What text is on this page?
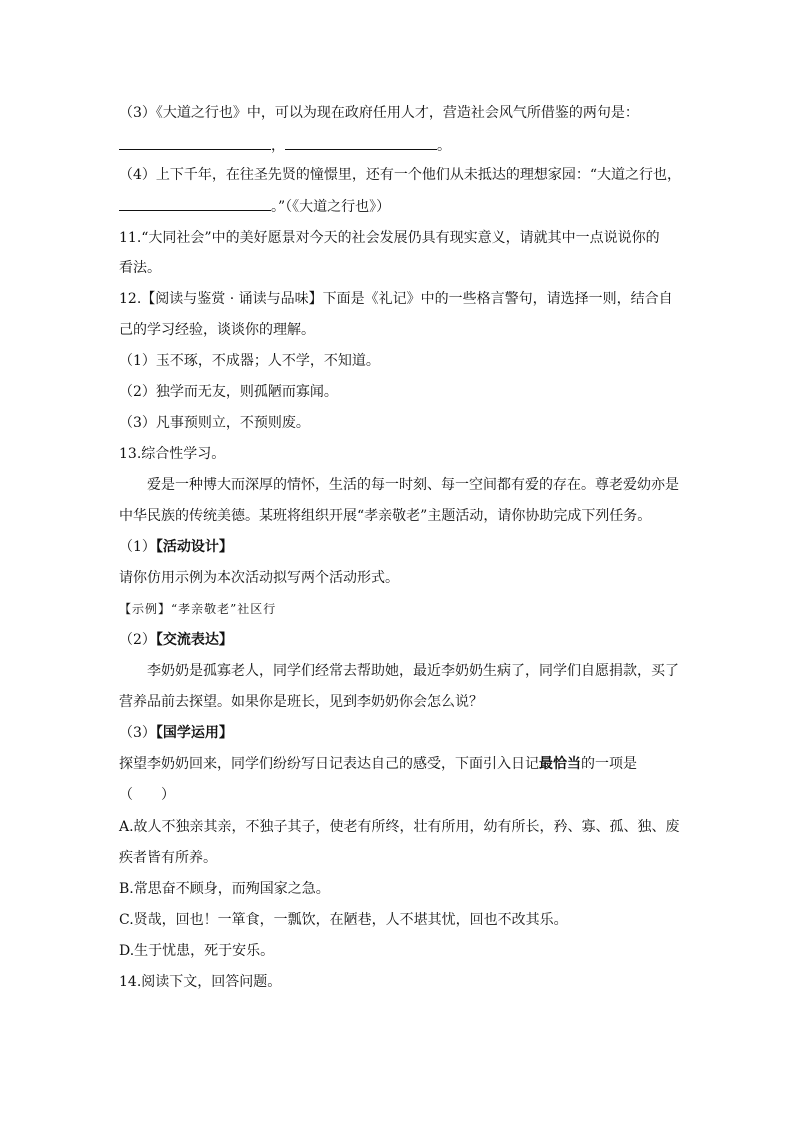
（3）《大道之行也》中，可以为现在政府任用人才，营造社会风气所借鉴的两句是：
，	。
（4）上下千年，在往圣先贤的憧憬里，还有一个他们从未抵达的理想家园：“大道之行也，
。”（《大道之行也》）
11.“大同社会”中的美好愿景对今天的社会发展仍具有现实意义，请就其中一点说说你的
看法。
12.【阅读与鉴赏 · 诵读与品味】下面是《礼记》中的一些格言警句，请选择一则，结合自
己的学习经验，谈谈你的理解。
（1）玉不琢，不成器；人不学，不知道。
（2）独学而无友，则孤陋而寡闻。
（3）凡事预则立，不预则废。
13.综合性学习。
爱是一种博大而深厚的情怀，生活的每一时刻、每一空间都有爱的存在。尊老爱幼亦是
中华民族的传统美德。某班将组织开展“孝亲敬老”主题活动，请你协助完成下列任务。
（1）【活动设计】
请你仿用示例为本次活动拟写两个活动形式。
【示例】“孝亲敬老”社区行
（2）【交流表达】
李奶奶是孤寡老人，同学们经常去帮助她，最近李奶奶生病了，同学们自愿捐款，买了
营养品前去探望。如果你是班长，见到李奶奶你会怎么说？
（3）【国学运用】
探望李奶奶回来，同学们纷纷写日记表达自己的感受，下面引入日记最恰当的一项是
（　　）
A.故人不独亲其亲，不独子其子，使老有所终，壮有所用，幼有所长，矜、寡、孤、独、废
疾者皆有所养。
B.常思奋不顾身，而殉国家之急。
C.贤哉，回也！一箪食，一瓢饮，在陋巷，人不堪其忧，回也不改其乐。
D.生于忧患，死于安乐。
14.阅读下文，回答问题。
